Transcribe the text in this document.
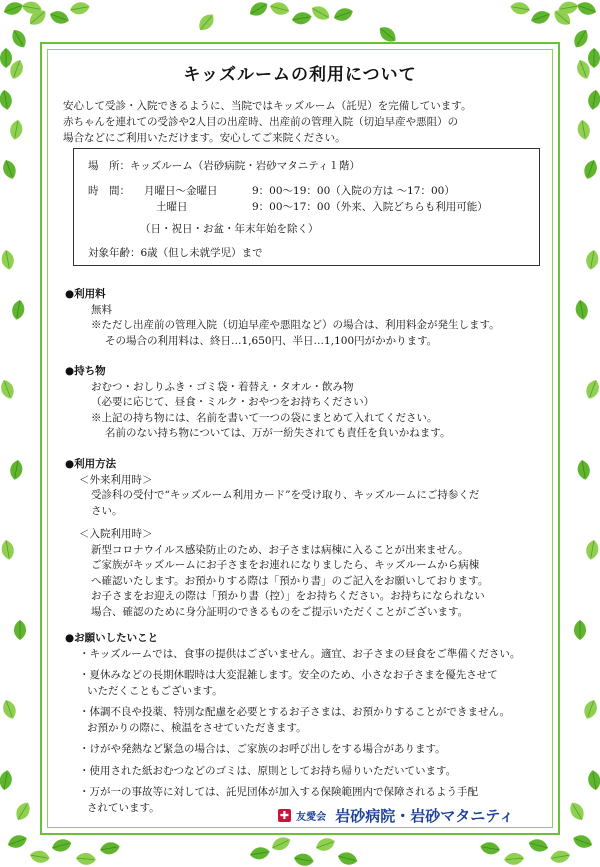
キッズルームの利用について
安心して受診・入院できるように、当院ではキッズルーム（託児）を完備しています。
赤ちゃんを連れての受診や2人目の出産時、出産前の管理入院（切迫早産や悪阻）の
場合などにご利用いただけます。安心してご来院ください。
場　所：キッズルーム（岩砂病院・岩砂マタニティ１階）
時　間： 月曜日～金曜日	9：00～19：00（入院の方は ～17：00）
土曜日	9：00～17：00（外来、入院どちらも利用可能）
（日・祝日・お盆・年末年始を除く）
対象年齢：6歳（但し未就学児）まで
●利用料
無料
※ただし出産前の管理入院（切迫早産や悪阻など）の場合は、利用料金が発生します。
その場合の利用料は、終日…1,650円、半日…1,100円がかかります。
●持ち物
おむつ・おしりふき・ゴミ袋・着替え・タオル・飲み物
（必要に応じて、昼食・ミルク・おやつをお持ちください）
※上記の持ち物には、名前を書いて一つの袋にまとめて入れてください。
名前のない持ち物については、万が一紛失されても責任を負いかねます。
●利用方法
＜外来利用時＞
受診科の受付で“キッズルーム利用カード”を受け取り、キッズルームにご持参くだ
さい。
＜入院利用時＞
新型コロナウイルス感染防止のため、お子さまは病棟に入ることが出来ません。
ご家族がキッズルームにお子さまをお連れになりましたら、キッズルームから病棟
へ確認いたします。お預かりする際は「預かり書」のご記入をお願いしております。
お子さまをお迎えの際は「預かり書（控）」をお持ちください。お持ちになられない
場合、確認のために身分証明のできるものをご提示いただくことがございます。
●お願いしたいこと
・キッズルームでは、食事の提供はございません。適宜、お子さまの昼食をご準備ください。
・夏休みなどの長期休暇時は大変混雑します。安全のため、小さなお子さまを優先させて
いただくこともございます。
・体調不良や投薬、特別な配慮を必要とするお子さまは、お預かりすることができません。
お預かりの際に、検温をさせていただきます。
・けがや発熱など緊急の場合は、ご家族のお呼び出しをする場合があります。
・使用された紙おむつなどのゴミは、原則としてお持ち帰りいただいています。
・万が一の事故等に対しては、託児団体が加入する保険範囲内で保障されるよう手配
されています。
✚ 友愛会 岩砂病院・岩砂マタニティ
